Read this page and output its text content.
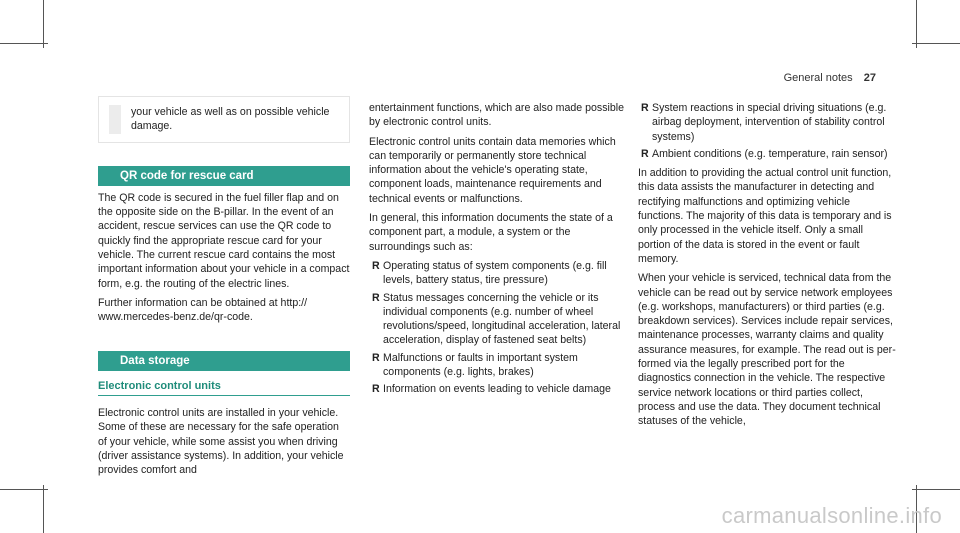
General notes 27
your vehicle as well as on possible vehicle damage.
QR code for rescue card

The QR code is secured in the fuel filler flap and on the opposite side on the B-pillar. In the event of an accident, rescue services can use the QR code to quickly find the appropriate rescue card for your vehicle. The current rescue card contains the most important information about your vehicle in a compact form, e.g. the routing of the electric lines.

Further information can be obtained at http:// www.mercedes-benz.de/qr-code.

Data storage
Electronic control units

Electronic control units are installed in your vehicle. Some of these are necessary for the safe operation of your vehicle, while some assist you when driving (driver assistance systems). In addition, your vehicle provides comfort and

entertainment functions, which are also made possible by electronic control units.

Electronic control units contain data memories which can temporarily or permanently store technical information about the vehicle's operating state, component loads, maintenance requirements and technical events or malfunctions.

In general, this information documents the state of a component part, a module, a system or the surroundings such as:

R Operating status of system components (e.g. fill levels, battery status, tire pressure)
R Status messages concerning the vehicle or its individual components (e.g. number of wheel revolutions/speed, longitudinal acceleration, lateral acceleration, display of fastened seat belts)
R Malfunctions or faults in important system components (e.g. lights, brakes)
R Information on events leading to vehicle damage
R System reactions in special driving situations (e.g. airbag deployment, intervention of stability control systems)
R Ambient conditions (e.g. temperature, rain sensor)

In addition to providing the actual control unit function, this data assists the manufacturer in detecting and rectifying malfunctions and optimizing vehicle functions. The majority of this data is temporary and is only processed in the vehicle itself. Only a small portion of the data is stored in the event or fault memory.

When your vehicle is serviced, technical data from the vehicle can be read out by service network employees (e.g. workshops, manufacturers) or third parties (e.g. breakdown services). Services include repair services, maintenance processes, warranty claims and quality assurance measures, for example. The read out is performed via the legally prescribed port for the diagnostics connection in the vehicle. The respective service network locations or third parties collect, process and use the data. They document technical statuses of the vehicle,

carmanualsonline.info
